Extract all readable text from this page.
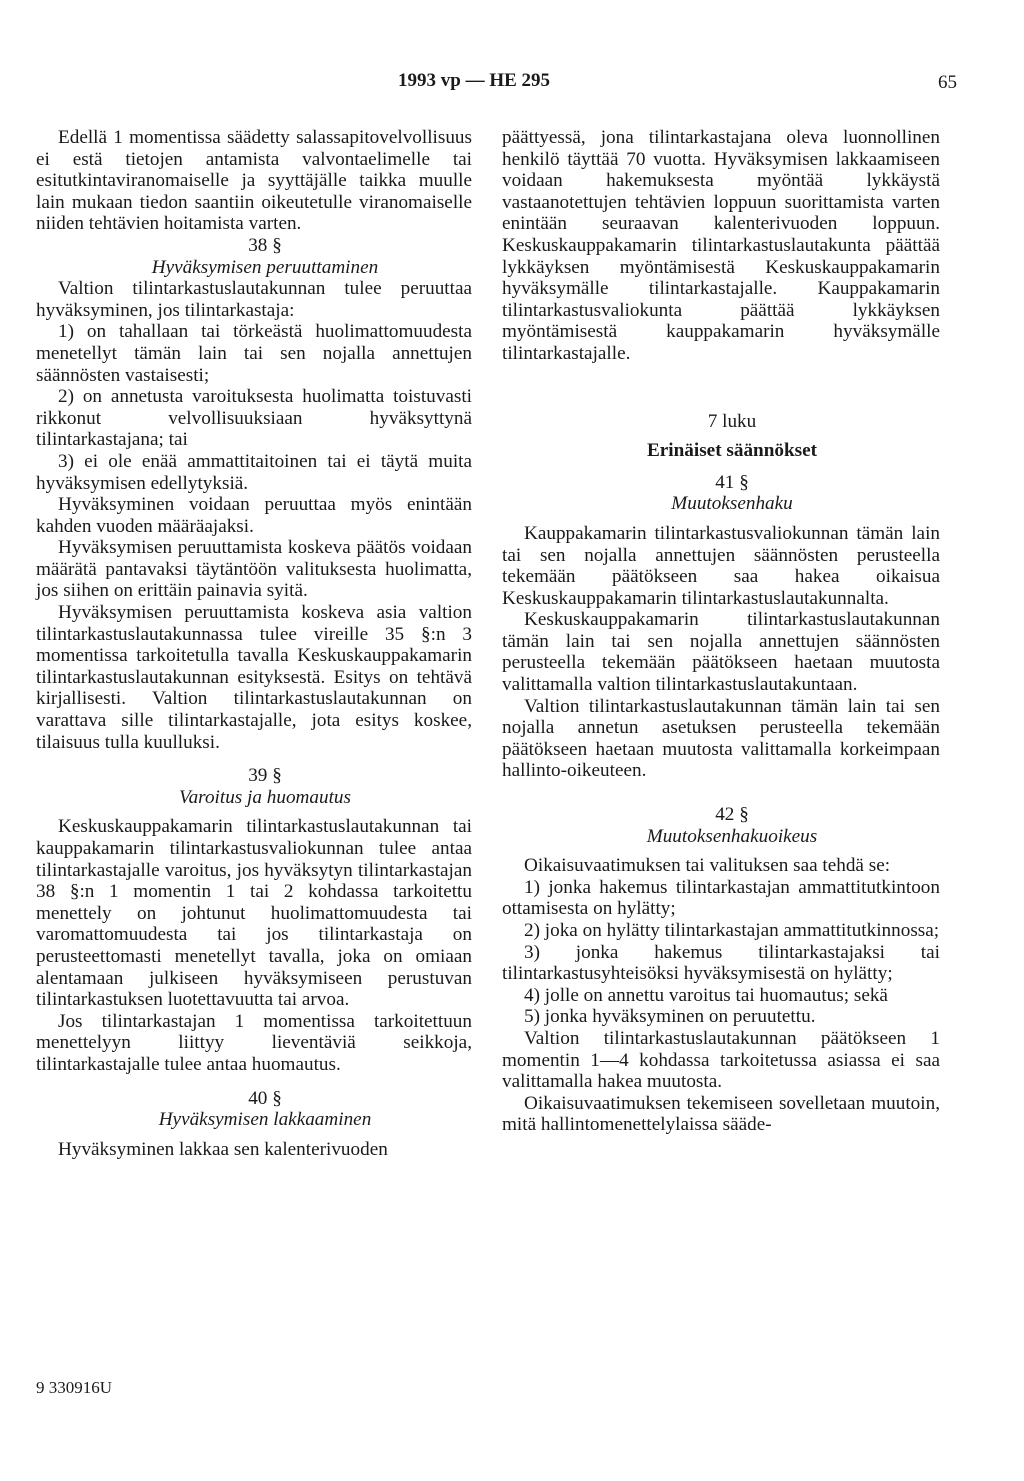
1993 vp — HE 295	65

Edellä 1 momentissa säädetty salassapitovelvollisuus ei estä tietojen antamista valvontaelimelle tai esitutkintaviranomaiselle ja syyttäjälle taikka muulle lain mukaan tiedon saantiin oikeutetulle viranomaiselle niiden tehtävien hoitamista varten.

38 §

Hyväksymisen peruuttaminen

Valtion tilintarkastuslautakunnan tulee peruuttaa hyväksyminen, jos tilintarkastaja:

1) on tahallaan tai törkeästä huolimattomuudesta menetellyt tämän lain tai sen nojalla annettujen säännösten vastaisesti;

2) on annetusta varoituksesta huolimatta toistuvasti rikkonut velvollisuuksiaan hyväksyttynä tilintarkastajana; tai

3) ei ole enää ammattitaitoinen tai ei täytä muita hyväksymisen edellytyksiä.

Hyväksyminen voidaan peruuttaa myös enintään kahden vuoden määräajaksi.

Hyväksymisen peruuttamista koskeva päätös voidaan määrätä pantavaksi täytäntöön valituksesta huolimatta, jos siihen on erittäin painavia syitä.

Hyväksymisen peruuttamista koskeva asia valtion tilintarkastuslautakunnassa tulee vireille 35 §:n 3 momentissa tarkoitetulla tavalla Keskuskauppakamarin tilintarkastuslautakunnan esityksestä. Esitys on tehtävä kirjallisesti. Valtion tilintarkastuslautakunnan on varattava sille tilintarkastajalle, jota esitys koskee, tilaisuus tulla kuulluksi.

39 §

Varoitus ja huomautus

Keskuskauppakamarin tilintarkastuslautakunnan tai kauppakamarin tilintarkastusvaliokunnan tulee antaa tilintarkastajalle varoitus, jos hyväksytyn tilintarkastajan 38 §:n 1 momentin 1 tai 2 kohdassa tarkoitettu menettely on johtunut huolimattomuudesta tai varomattomuudesta tai jos tilintarkastaja on perusteettomasti menetellyt tavalla, joka on omiaan alentamaan julkiseen hyväksymiseen perustuvan tilintarkastuksen luotettavuutta tai arvoa.

Jos tilintarkastajan 1 momentissa tarkoitettuun menettelyyn liittyy lieventäviä seikkoja, tilintarkastajalle tulee antaa huomautus.

40 §

Hyväksymisen lakkaaminen

Hyväksyminen lakkaa sen kalenterivuoden

päättyessä, jona tilintarkastajana oleva luonnollinen henkilö täyttää 70 vuotta. Hyväksymisen lakkaamiseen voidaan hakemuksesta myöntää lykkäystä vastaanotettujen tehtävien loppuun suorittamista varten enintään seuraavan kalenterivuoden loppuun. Keskuskauppakamarin tilintarkastuslautakunta päättää lykkäyksen myöntämisestä Keskuskauppakamarin hyväksymälle tilintarkastajalle. Kauppakamarin tilintarkastusvaliokunta päättää lykkäyksen myöntämisestä kauppakamarin hyväksymälle tilintarkastajalle.

7 luku

Erinäiset säännökset

41 §

Muutoksenhaku

Kauppakamarin tilintarkastusvaliokunnan tämän lain tai sen nojalla annettujen säännösten perusteella tekemään päätökseen saa hakea oikaisua Keskuskauppakamarin tilintarkastuslautakunnalta.

Keskuskauppakamarin tilintarkastuslautakunnan tämän lain tai sen nojalla annettujen säännösten perusteella tekemään päätökseen haetaan muutosta valittamalla valtion tilintarkastuslautakuntaan.

Valtion tilintarkastuslautakunnan tämän lain tai sen nojalla annetun asetuksen perusteella tekemään päätökseen haetaan muutosta valittamalla korkeimpaan hallinto-oikeuteen.

42 §

Muutoksenhakuoikeus

Oikaisuvaatimuksen tai valituksen saa tehdä se:

1) jonka hakemus tilintarkastajan ammattitutkintoon ottamisesta on hylätty;

2) joka on hylätty tilintarkastajan ammattitutkinnossa;

3) jonka hakemus tilintarkastajaksi tai tilintarkastusyhteisöksi hyväksymisestä on hylätty;

4) jolle on annettu varoitus tai huomautus; sekä

5) jonka hyväksyminen on peruutettu.

Valtion tilintarkastuslautakunnan päätökseen 1 momentin 1—4 kohdassa tarkoitetussa asiassa ei saa valittamalla hakea muutosta.

Oikaisuvaatimuksen tekemiseen sovelletaan muutoin, mitä hallintomenettelylaissa sääde-

9 330916U
